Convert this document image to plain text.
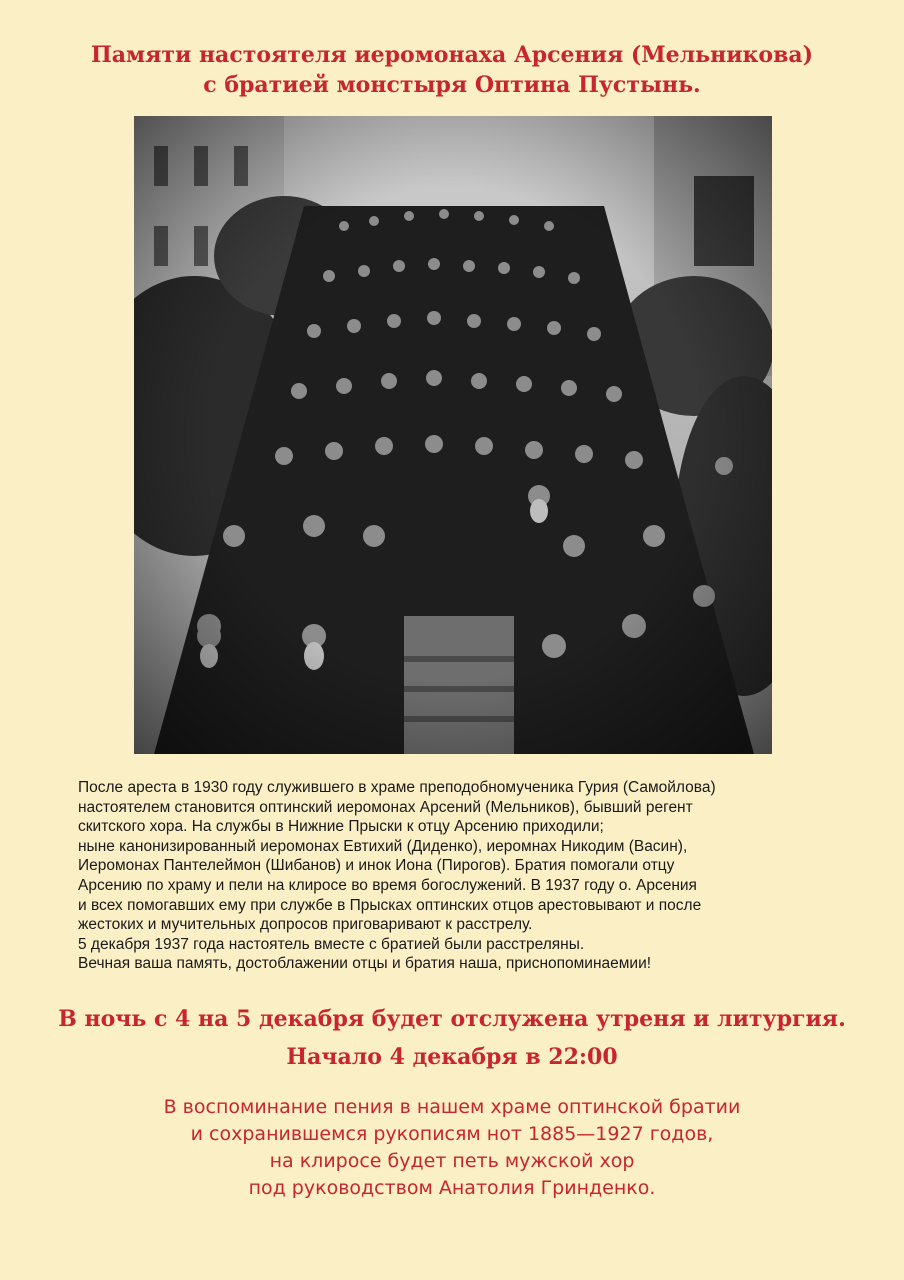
Памяти настоятеля иеромонаха Арсения (Мельникова)
с братией монстыря Оптина Пустынь.
После ареста в 1930 году служившего в храме преподобномученика Гурия (Самойлова)
настоятелем становится оптинский иеромонах Арсений (Мельников), бывший регент
скитского хора. На службы в Нижние Прыски к отцу Арсению приходили;
ныне канонизированный иеромонах Евтихий (Диденко), иеромнах Никодим (Васин),
Иеромонах Пантелеймон (Шибанов) и инок Иона (Пирогов). Братия помогали отцу
Арсению по храму и пели на клиросе во время богослужений. В 1937 году о. Арсения
и всех помогавших ему при службе в Прысках оптинских отцов арестовывают и после
жестоких и мучительных допросов приговаривают к расстрелу.
5 декабря 1937 года настоятель вместе с братией были расстреляны.
Вечная ваша память, достоблажении отцы и братия наша, приснопоминаемии!
В ночь с 4 на 5 декабря будет отслужена утреня и литургия.
Начало 4 декабря в 22:00
В воспоминание пения в нашем храме оптинской братии
и сохранившемся рукописям нот 1885—1927 годов,
на клиросе будет петь мужской хор
под руководством Анатолия Гринденко.
